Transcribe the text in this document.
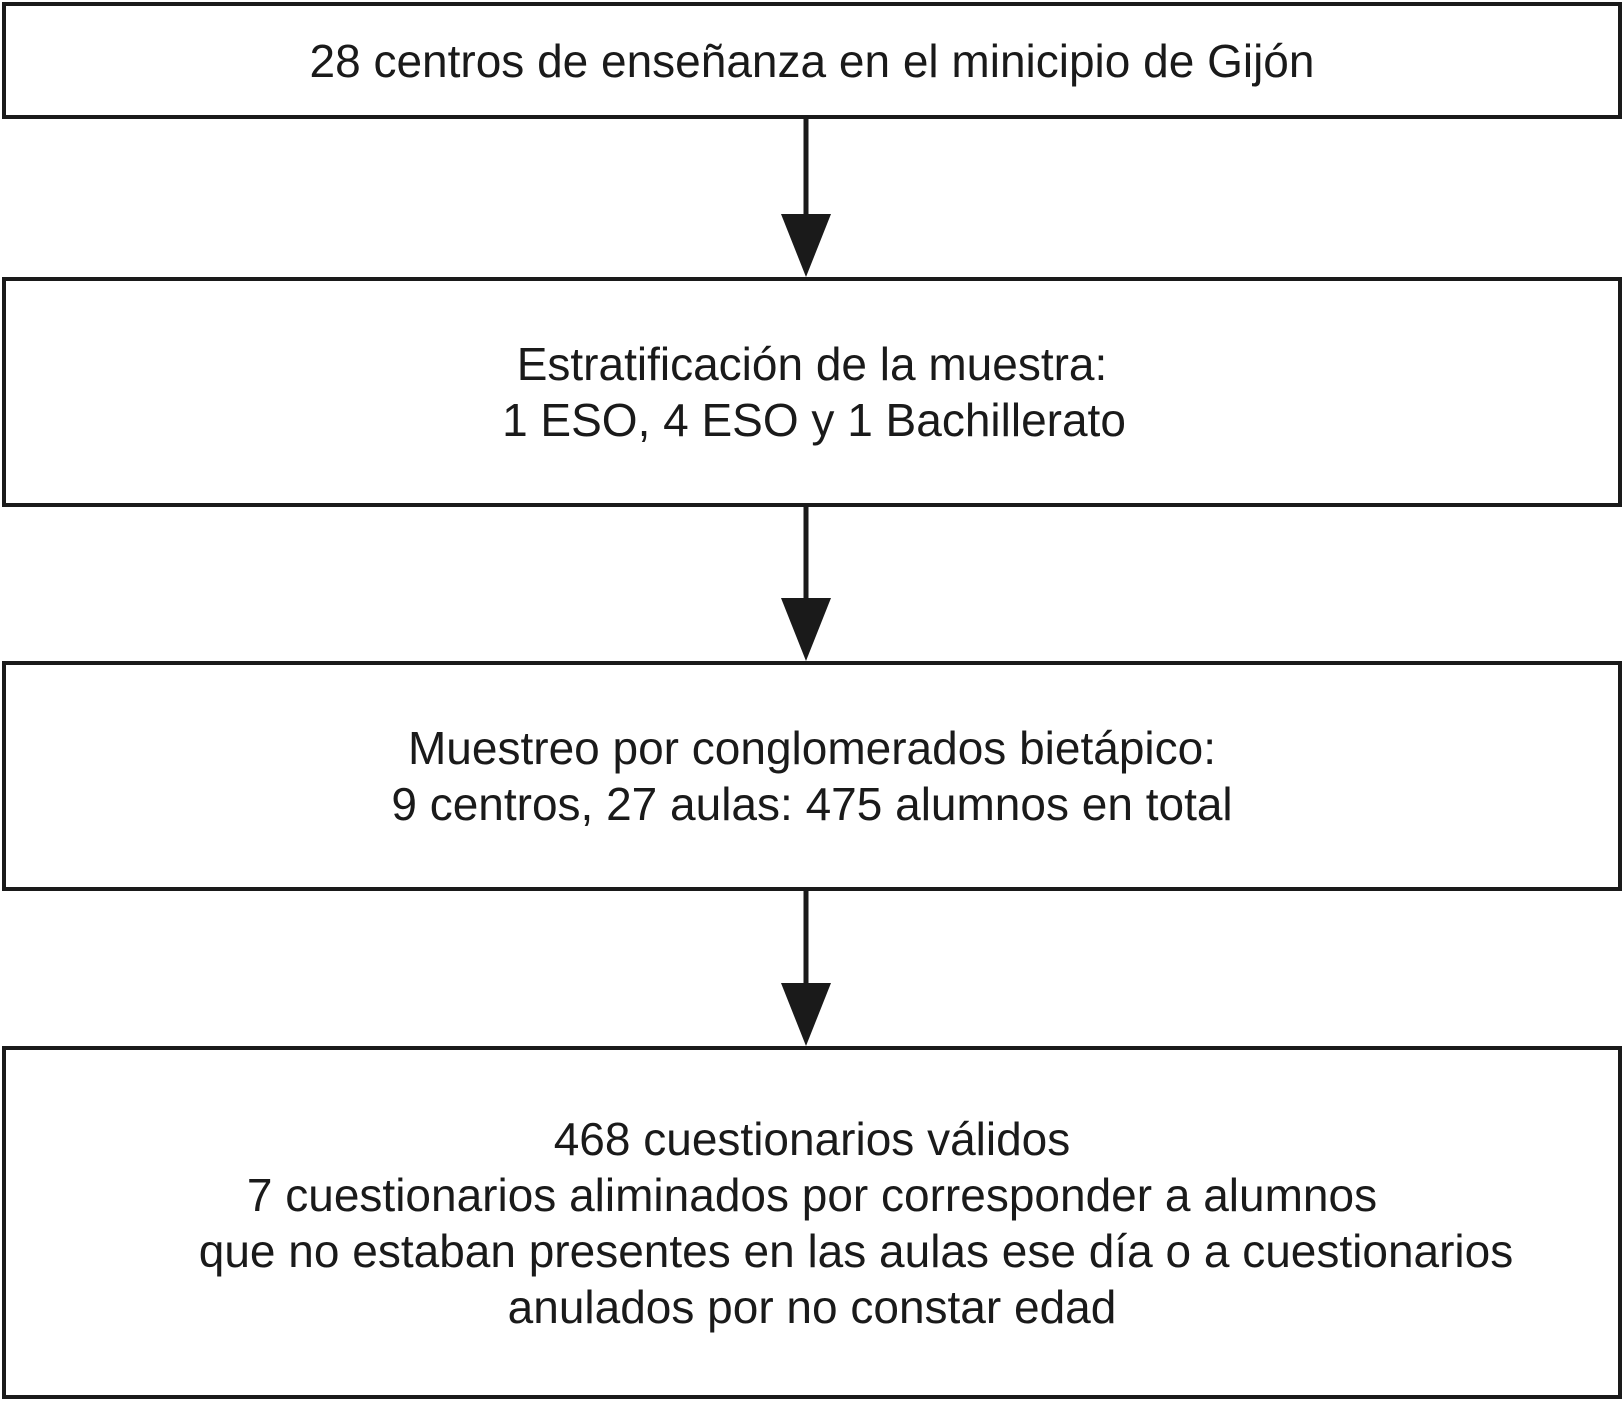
28 centros de enseñanza en el minicipio de Gijón
Estratificación de la muestra:
1 ESO, 4 ESO y 1 Bachillerato
Muestreo por conglomerados bietápico:
9 centros, 27 aulas: 475 alumnos en total
468 cuestionarios válidos
7 cuestionarios aliminados por corresponder a alumnos
que no estaban presentes en las aulas ese día o a cuestionarios
anulados por no constar edad
